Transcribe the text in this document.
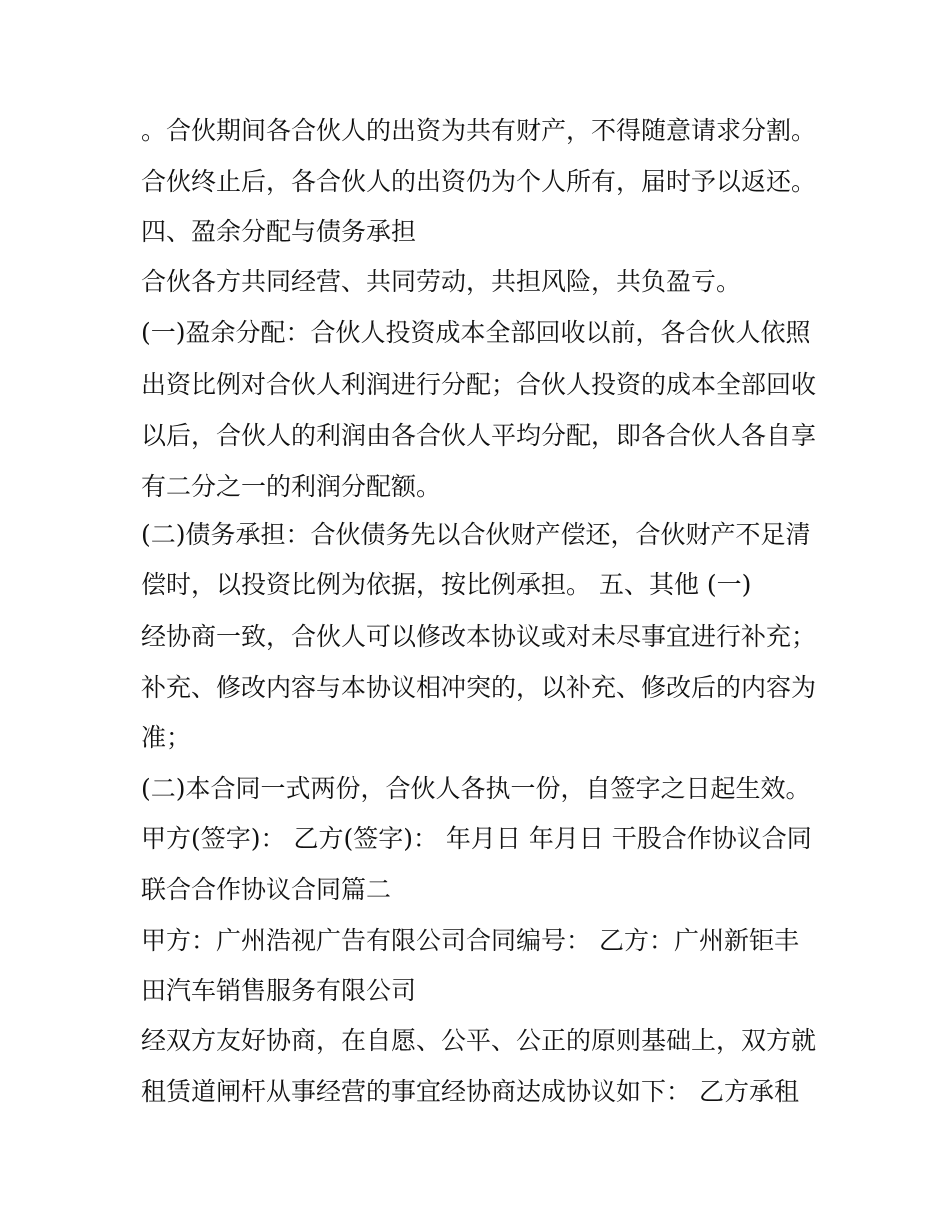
。合伙期间各合伙人的出资为共有财产，不得随意请求分割。
合伙终止后，各合伙人的出资仍为个人所有，届时予以返还。
四、盈余分配与债务承担
合伙各方共同经营、共同劳动，共担风险，共负盈亏。
(一)盈余分配：合伙人投资成本全部回收以前，各合伙人依照
出资比例对合伙人利润进行分配；合伙人投资的成本全部回收
以后，合伙人的利润由各合伙人平均分配，即各合伙人各自享
有二分之一的利润分配额。
(二)债务承担：合伙债务先以合伙财产偿还，合伙财产不足清
偿时，以投资比例为依据，按比例承担。 五、其他 (一)
经协商一致，合伙人可以修改本协议或对未尽事宜进行补充；
补充、修改内容与本协议相冲突的，以补充、修改后的内容为
准；
(二)本合同一式两份，合伙人各执一份，自签字之日起生效。
甲方(签字)： 乙方(签字)： 年月日 年月日 干股合作协议合同
联合合作协议合同篇二
甲方：广州浩视广告有限公司合同编号： 乙方：广州新钜丰
田汽车销售服务有限公司
经双方友好协商，在自愿、公平、公正的原则基础上，双方就
租赁道闸杆从事经营的事宜经协商达成协议如下： 乙方承租
